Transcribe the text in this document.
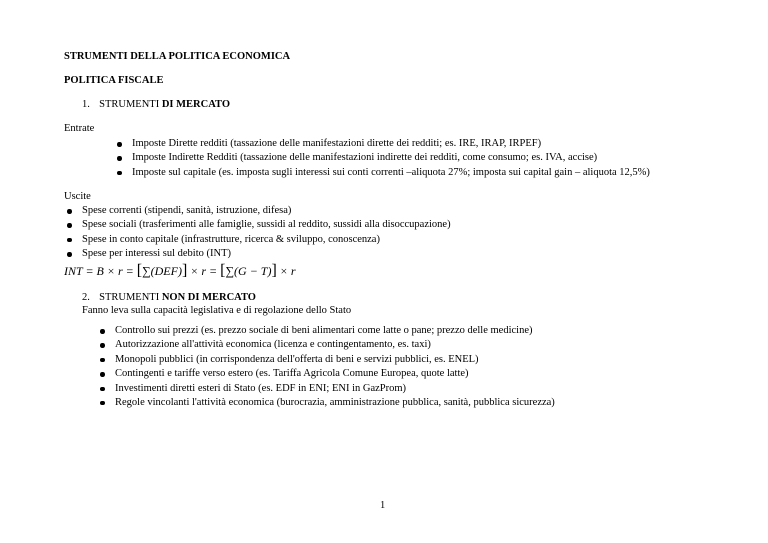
STRUMENTI DELLA POLITICA ECONOMICA
POLITICA FISCALE
1. STRUMENTI DI MERCATO
Entrate
Imposte Dirette redditi (tassazione delle manifestazioni dirette dei redditi; es. IRE, IRAP, IRPEF)
Imposte Indirette Redditi (tassazione delle manifestazioni indirette dei redditi, come consumo; es. IVA, accise)
Imposte sul capitale (es. imposta sugli interessi sui conti correnti –aliquota 27%; imposta sui capital gain – aliquota 12,5%)
Uscite
Spese correnti (stipendi, sanità, istruzione, difesa)
Spese sociali (trasferimenti alle famiglie, sussidi al reddito, sussidi alla disoccupazione)
Spese in conto capitale (infrastrutture, ricerca & sviluppo, conoscenza)
Spese per interessi sul debito (INT)
INT = B × r = [∑(DEF)] × r = [∑(G − T)] × r
2. STRUMENTI NON DI MERCATO
Fanno leva sulla capacità legislativa e di regolazione dello Stato
Controllo sui prezzi (es. prezzo sociale di beni alimentari come latte o pane; prezzo delle medicine)
Autorizzazione all'attività economica (licenza e contingentamento, es. taxi)
Monopoli pubblici (in corrispondenza dell'offerta di beni e servizi pubblici, es. ENEL)
Contingenti e tariffe verso estero (es. Tariffa Agricola Comune Europea, quote latte)
Investimenti diretti esteri di Stato (es. EDF in ENI; ENI in GazProm)
Regole vincolanti l'attività economica (burocrazia, amministrazione pubblica, sanità, pubblica sicurezza)
1
